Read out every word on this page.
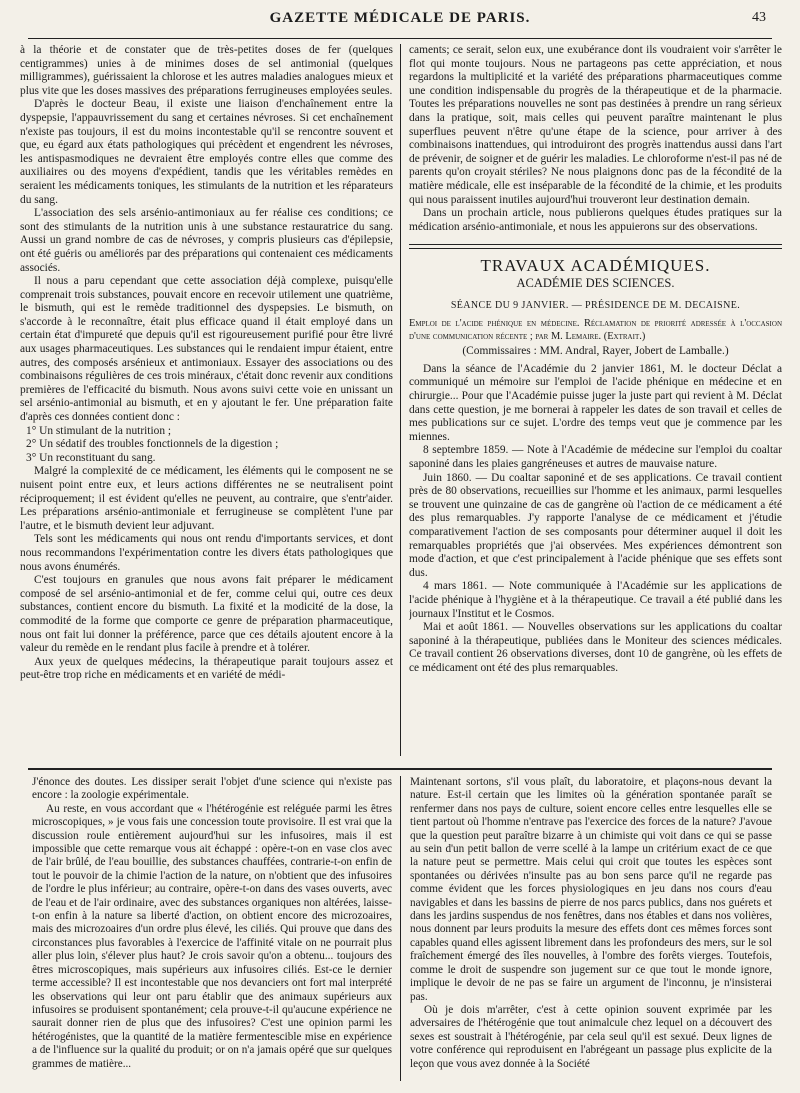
GAZETTE MÉDICALE DE PARIS.	43

à la théorie et de constater que de très-petites doses de fer (quelques centigrammes) unies à de minimes doses de sel antimonial (quelques milligrammes), guérissaient la chlorose et les autres maladies analogues mieux et plus vite que les doses massives des préparations ferrugineuses employées seules.

D'après le docteur Beau, il existe une liaison d'enchaînement entre la dyspepsie, l'appauvrissement du sang et certaines névroses. Si cet enchaînement n'existe pas toujours, il est du moins incontestable qu'il se rencontre souvent et que, eu égard aux états pathologiques qui précèdent et engendrent les névroses, les antispasmodiques ne devraient être employés contre elles que comme des auxiliaires ou des moyens d'expédient, tandis que les véritables remèdes en seraient les médicaments toniques, les stimulants de la nutrition et les réparateurs du sang.

L'association des sels arsénio-antimoniaux au fer réalise ces conditions; ce sont des stimulants de la nutrition unis à une substance restauratrice du sang. Aussi un grand nombre de cas de névroses, y compris plusieurs cas d'épilepsie, ont été guéris ou améliorés par des préparations qui contenaient ces médicaments associés.

Il nous a paru cependant que cette association déjà complexe, puisqu'elle comprenait trois substances, pouvait encore en recevoir utilement une quatrième, le bismuth, qui est le remède traditionnel des dyspepsies. Le bismuth, on s'accorde à le reconnaître, était plus efficace quand il était employé dans un certain état d'impureté que depuis qu'il est rigoureusement purifié pour être livré aux usages pharmaceutiques. Les substances qui le rendaient impur étaient, entre autres, des composés arsénieux et antimoniaux. Essayer des associations ou des combinaisons régulières de ces trois minéraux, c'était donc revenir aux conditions premières de l'efficacité du bismuth. Nous avons suivi cette voie en unissant un sel arsénio-antimonial au bismuth, et en y ajoutant le fer. Une préparation faite d'après ces données contient donc :

1° Un stimulant de la nutrition ;

2° Un sédatif des troubles fonctionnels de la digestion ;

3° Un reconstituant du sang.

Malgré la complexité de ce médicament, les éléments qui le composent ne se nuisent point entre eux, et leurs actions différentes ne se neutralisent point réciproquement; il est évident qu'elles ne peuvent, au contraire, que s'entr'aider. Les préparations arsénio-antimoniale et ferrugineuse se complètent l'une par l'autre, et le bismuth devient leur adjuvant.

Tels sont les médicaments qui nous ont rendu d'importants services, et dont nous recommandons l'expérimentation contre les divers états pathologiques que nous avons énumérés.

C'est toujours en granules que nous avons fait préparer le médicament composé de sel arsénio-antimonial et de fer, comme celui qui, outre ces deux substances, contient encore du bismuth. La fixité et la modicité de la dose, la commodité de la forme que comporte ce genre de préparation pharmaceutique, nous ont fait lui donner la préférence, parce que ces détails ajoutent encore à la valeur du remède en le rendant plus facile à prendre et à tolérer.

Aux yeux de quelques médecins, la thérapeutique parait toujours assez et peut-être trop riche en médicaments et en variété de médi-

caments; ce serait, selon eux, une exubérance dont ils voudraient voir s'arrêter le flot qui monte toujours. Nous ne partageons pas cette appréciation, et nous regardons la multiplicité et la variété des préparations pharmaceutiques comme une condition indispensable du progrès de la thérapeutique et de la pharmacie. Toutes les préparations nouvelles ne sont pas destinées à prendre un rang sérieux dans la pratique, soit, mais celles qui peuvent paraître maintenant le plus superflues peuvent n'être qu'une étape de la science, pour arriver à des combinaisons inattendues, qui introduiront des progrès inattendus aussi dans l'art de prévenir, de soigner et de guérir les maladies. Le chloroforme n'est-il pas né de parents qu'on croyait stériles? Ne nous plaignons donc pas de la fécondité de la matière médicale, elle est inséparable de la fécondité de la chimie, et les produits qui nous paraissent inutiles aujourd'hui trouveront leur destination demain.

Dans un prochain article, nous publierons quelques études pratiques sur la médication arsénio-antimoniale, et nous les appuierons sur des observations.

TRAVAUX ACADÉMIQUES.
ACADÉMIE DES SCIENCES.
SÉANCE DU 9 JANVIER. — PRÉSIDENCE DE M. DECAISNE.

Emploi de l'acide phénique en médecine. Réclamation de priorité adressée à l'occasion d'une communication récente ; par M. Lemaire. (Extrait.)

(Commissaires : MM. Andral, Rayer, Jobert de Lamballe.)

Dans la séance de l'Académie du 2 janvier 1861, M. le docteur Déclat a communiqué un mémoire sur l'emploi de l'acide phénique en médecine et en chirurgie... Pour que l'Académie puisse juger la juste part qui revient à M. Déclat dans cette question, je me bornerai à rappeler les dates de son travail et celles de mes publications sur ce sujet. L'ordre des temps veut que je commence par les miennes.

8 septembre 1859. — Note à l'Académie de médecine sur l'emploi du coaltar saponiné dans les plaies gangréneuses et autres de mauvaise nature.

Juin 1860. — Du coaltar saponiné et de ses applications. Ce travail contient près de 80 observations, recueillies sur l'homme et les animaux, parmi lesquelles se trouvent une quinzaine de cas de gangrène où l'action de ce médicament a été des plus remarquables. J'y rapporte l'analyse de ce médicament et j'étudie comparativement l'action de ses composants pour déterminer auquel il doit les remarquables propriétés que j'ai observées. Mes expériences démontrent son mode d'action, et que c'est principalement à l'acide phénique que ses effets sont dus.

4 mars 1861. — Note communiquée à l'Académie sur les applications de l'acide phénique à l'hygiène et à la thérapeutique. Ce travail a été publié dans les journaux l'Institut et le Cosmos.

Mai et août 1861. — Nouvelles observations sur les applications du coaltar saponiné à la thérapeutique, publiées dans le Moniteur des sciences médicales. Ce travail contient 26 observations diverses, dont 10 de gangrène, où les effets de ce médicament ont été des plus remarquables.

J'énonce des doutes. Les dissiper serait l'objet d'une science qui n'existe pas encore : la zoologie expérimentale.

Au reste, en vous accordant que « l'hétérogénie est reléguée parmi les êtres microscopiques, » je vous fais une concession toute provisoire. Il est vrai que la discussion roule entièrement aujourd'hui sur les infusoires, mais il est impossible que cette remarque vous ait échappé : opère-t-on en vase clos avec de l'air brûlé, de l'eau bouillie, des substances chauffées, contrarie-t-on enfin de tout le pouvoir de la chimie l'action de la nature, on n'obtient que des infusoires de l'ordre le plus inférieur; au contraire, opère-t-on dans des vases ouverts, avec de l'eau et de l'air ordinaire, avec des substances organiques non altérées, laisse-t-on enfin à la nature sa liberté d'action, on obtient encore des microzoaires, mais des microzoaires d'un ordre plus élevé, les ciliés. Qui prouve que dans des circonstances plus favorables à l'exercice de l'affinité vitale on ne pourrait plus aller plus loin, s'élever plus haut? Je crois savoir qu'on a obtenu... toujours des êtres microscopiques, mais supérieurs aux infusoires ciliés. Est-ce le dernier terme accessible? Il est incontestable que nos devanciers ont fort mal interprété les observations qui leur ont paru établir que des animaux supérieurs aux infusoires se produisent spontanément; cela prouve-t-il qu'aucune expérience ne saurait donner rien de plus que des infusoires? C'est une opinion parmi les hétérogénistes, que la quantité de la matière fermentescible mise en expérience a de l'influence sur la qualité du produit; or on n'a jamais opéré que sur quelques grammes de matière...

Maintenant sortons, s'il vous plaît, du laboratoire, et plaçons-nous devant la nature. Est-il certain que les limites où la génération spontanée paraît se renfermer dans nos pays de culture, soient encore celles entre lesquelles elle se tient partout où l'homme n'entrave pas l'exercice des forces de la nature? J'avoue que la question peut paraître bizarre à un chimiste qui voit dans ce qui se passe au sein d'un petit ballon de verre scellé à la lampe un critérium exact de ce que la nature peut se permettre. Mais celui qui croit que toutes les espèces sont spontanées ou dérivées n'insulte pas au bon sens parce qu'il ne regarde pas comme évident que les forces physiologiques en jeu dans nos cours d'eau navigables et dans les bassins de pierre de nos parcs publics, dans nos guérets et dans les jardins suspendus de nos fenêtres, dans nos étables et dans nos volières, nous donnent par leurs produits la mesure des effets dont ces mêmes forces sont capables quand elles agissent librement dans les profondeurs des mers, sur le sol fraîchement émergé des îles nouvelles, à l'ombre des forêts vierges. Toutefois, comme le droit de suspendre son jugement sur ce que tout le monde ignore, implique le devoir de ne pas se faire un argument de l'inconnu, je n'insisterai pas.

Où je dois m'arrêter, c'est à cette opinion souvent exprimée par les adversaires de l'hétérogénie que tout animalcule chez lequel on a découvert des sexes est soustrait à l'hétérogénie, par cela seul qu'il est sexué. Deux lignes de votre conférence qui reproduisent en l'abrégeant un passage plus explicite de la leçon que vous avez donnée à la Société
